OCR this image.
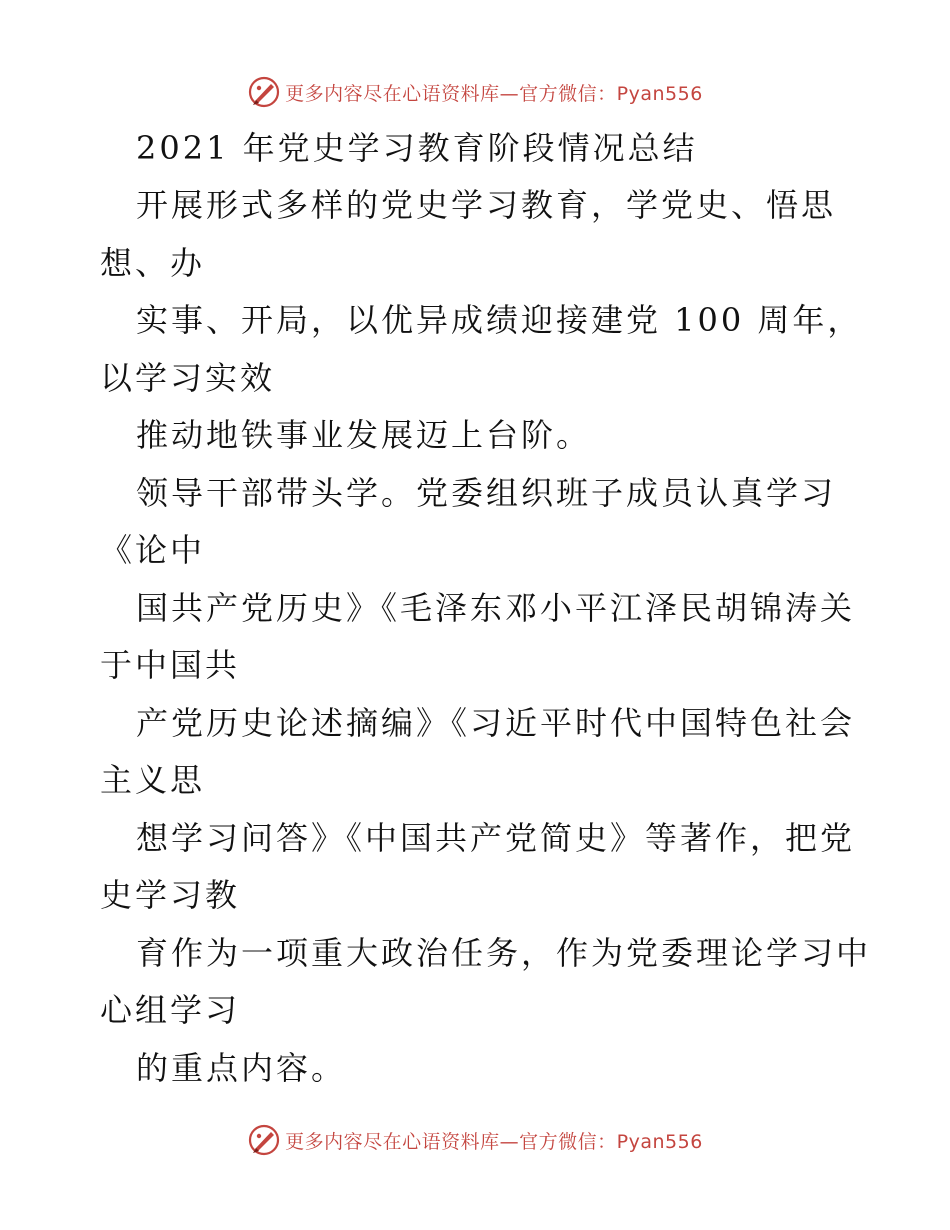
更多内容尽在心语资料库—官方微信：Pyan556
2021 年党史学习教育阶段情况总结
开展形式多样的党史学习教育，学党史、悟思
想、办
实事、开局，以优异成绩迎接建党 100 周年，
以学习实效
推动地铁事业发展迈上台阶。
领导干部带头学。党委组织班子成员认真学习
《论中
国共产党历史》《毛泽东邓小平江泽民胡锦涛关
于中国共
产党历史论述摘编》《习近平时代中国特色社会
主义思
想学习问答》《中国共产党简史》等著作，把党
史学习教
育作为一项重大政治任务，作为党委理论学习中
心组学习
的重点内容。
更多内容尽在心语资料库—官方微信：Pyan556
